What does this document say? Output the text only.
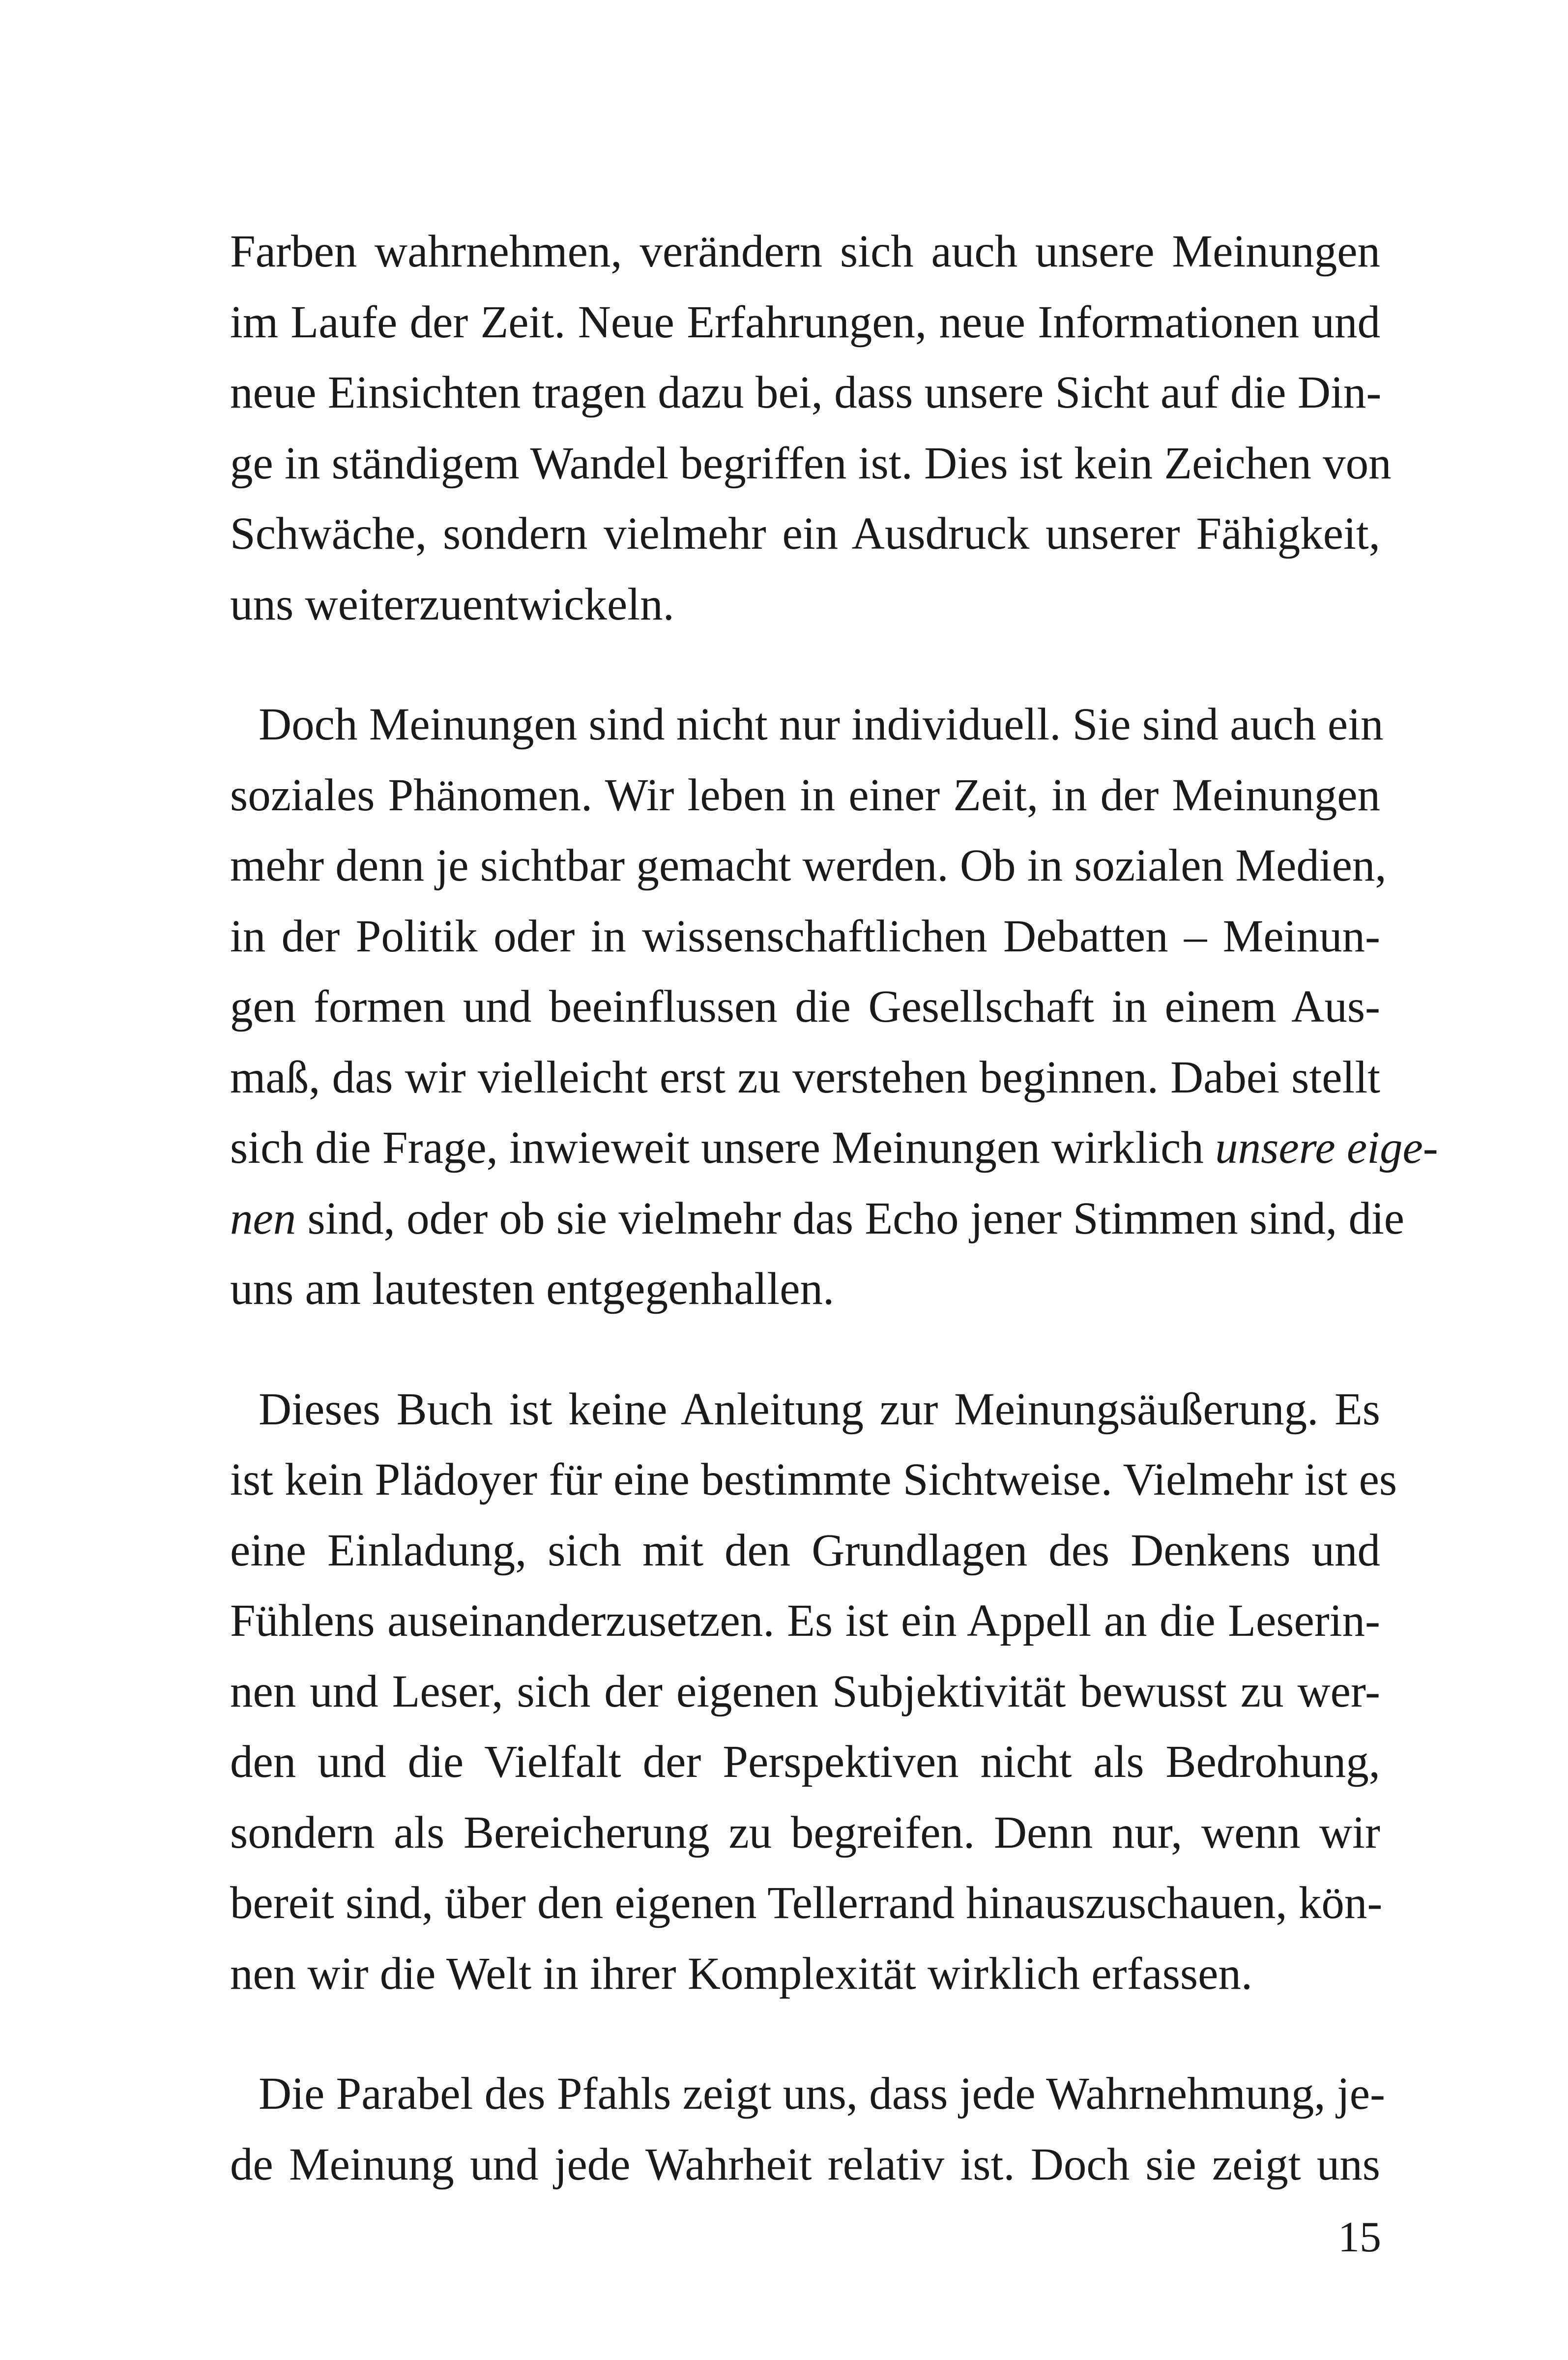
Farben wahrnehmen, verändern sich auch unsere Meinungen
im Laufe der Zeit. Neue Erfahrungen, neue Informationen und
neue Einsichten tragen dazu bei, dass unsere Sicht auf die Din-
ge in ständigem Wandel begriffen ist. Dies ist kein Zeichen von
Schwäche, sondern vielmehr ein Ausdruck unserer Fähigkeit,
uns weiterzuentwickeln.
Doch Meinungen sind nicht nur individuell. Sie sind auch ein
soziales Phänomen. Wir leben in einer Zeit, in der Meinungen
mehr denn je sichtbar gemacht werden. Ob in sozialen Medien,
in der Politik oder in wissenschaftlichen Debatten – Meinun-
gen formen und beeinflussen die Gesellschaft in einem Aus-
maß, das wir vielleicht erst zu verstehen beginnen. Dabei stellt
sich die Frage, inwieweit unsere Meinungen wirklich unsere eige-
nen sind, oder ob sie vielmehr das Echo jener Stimmen sind, die
uns am lautesten entgegenhallen.
Dieses Buch ist keine Anleitung zur Meinungsäußerung. Es
ist kein Plädoyer für eine bestimmte Sichtweise. Vielmehr ist es
eine Einladung, sich mit den Grundlagen des Denkens und
Fühlens auseinanderzusetzen. Es ist ein Appell an die Leserin-
nen und Leser, sich der eigenen Subjektivität bewusst zu wer-
den und die Vielfalt der Perspektiven nicht als Bedrohung,
sondern als Bereicherung zu begreifen. Denn nur, wenn wir
bereit sind, über den eigenen Tellerrand hinauszuschauen, kön-
nen wir die Welt in ihrer Komplexität wirklich erfassen.
Die Parabel des Pfahls zeigt uns, dass jede Wahrnehmung, je-
de Meinung und jede Wahrheit relativ ist. Doch sie zeigt uns
15
